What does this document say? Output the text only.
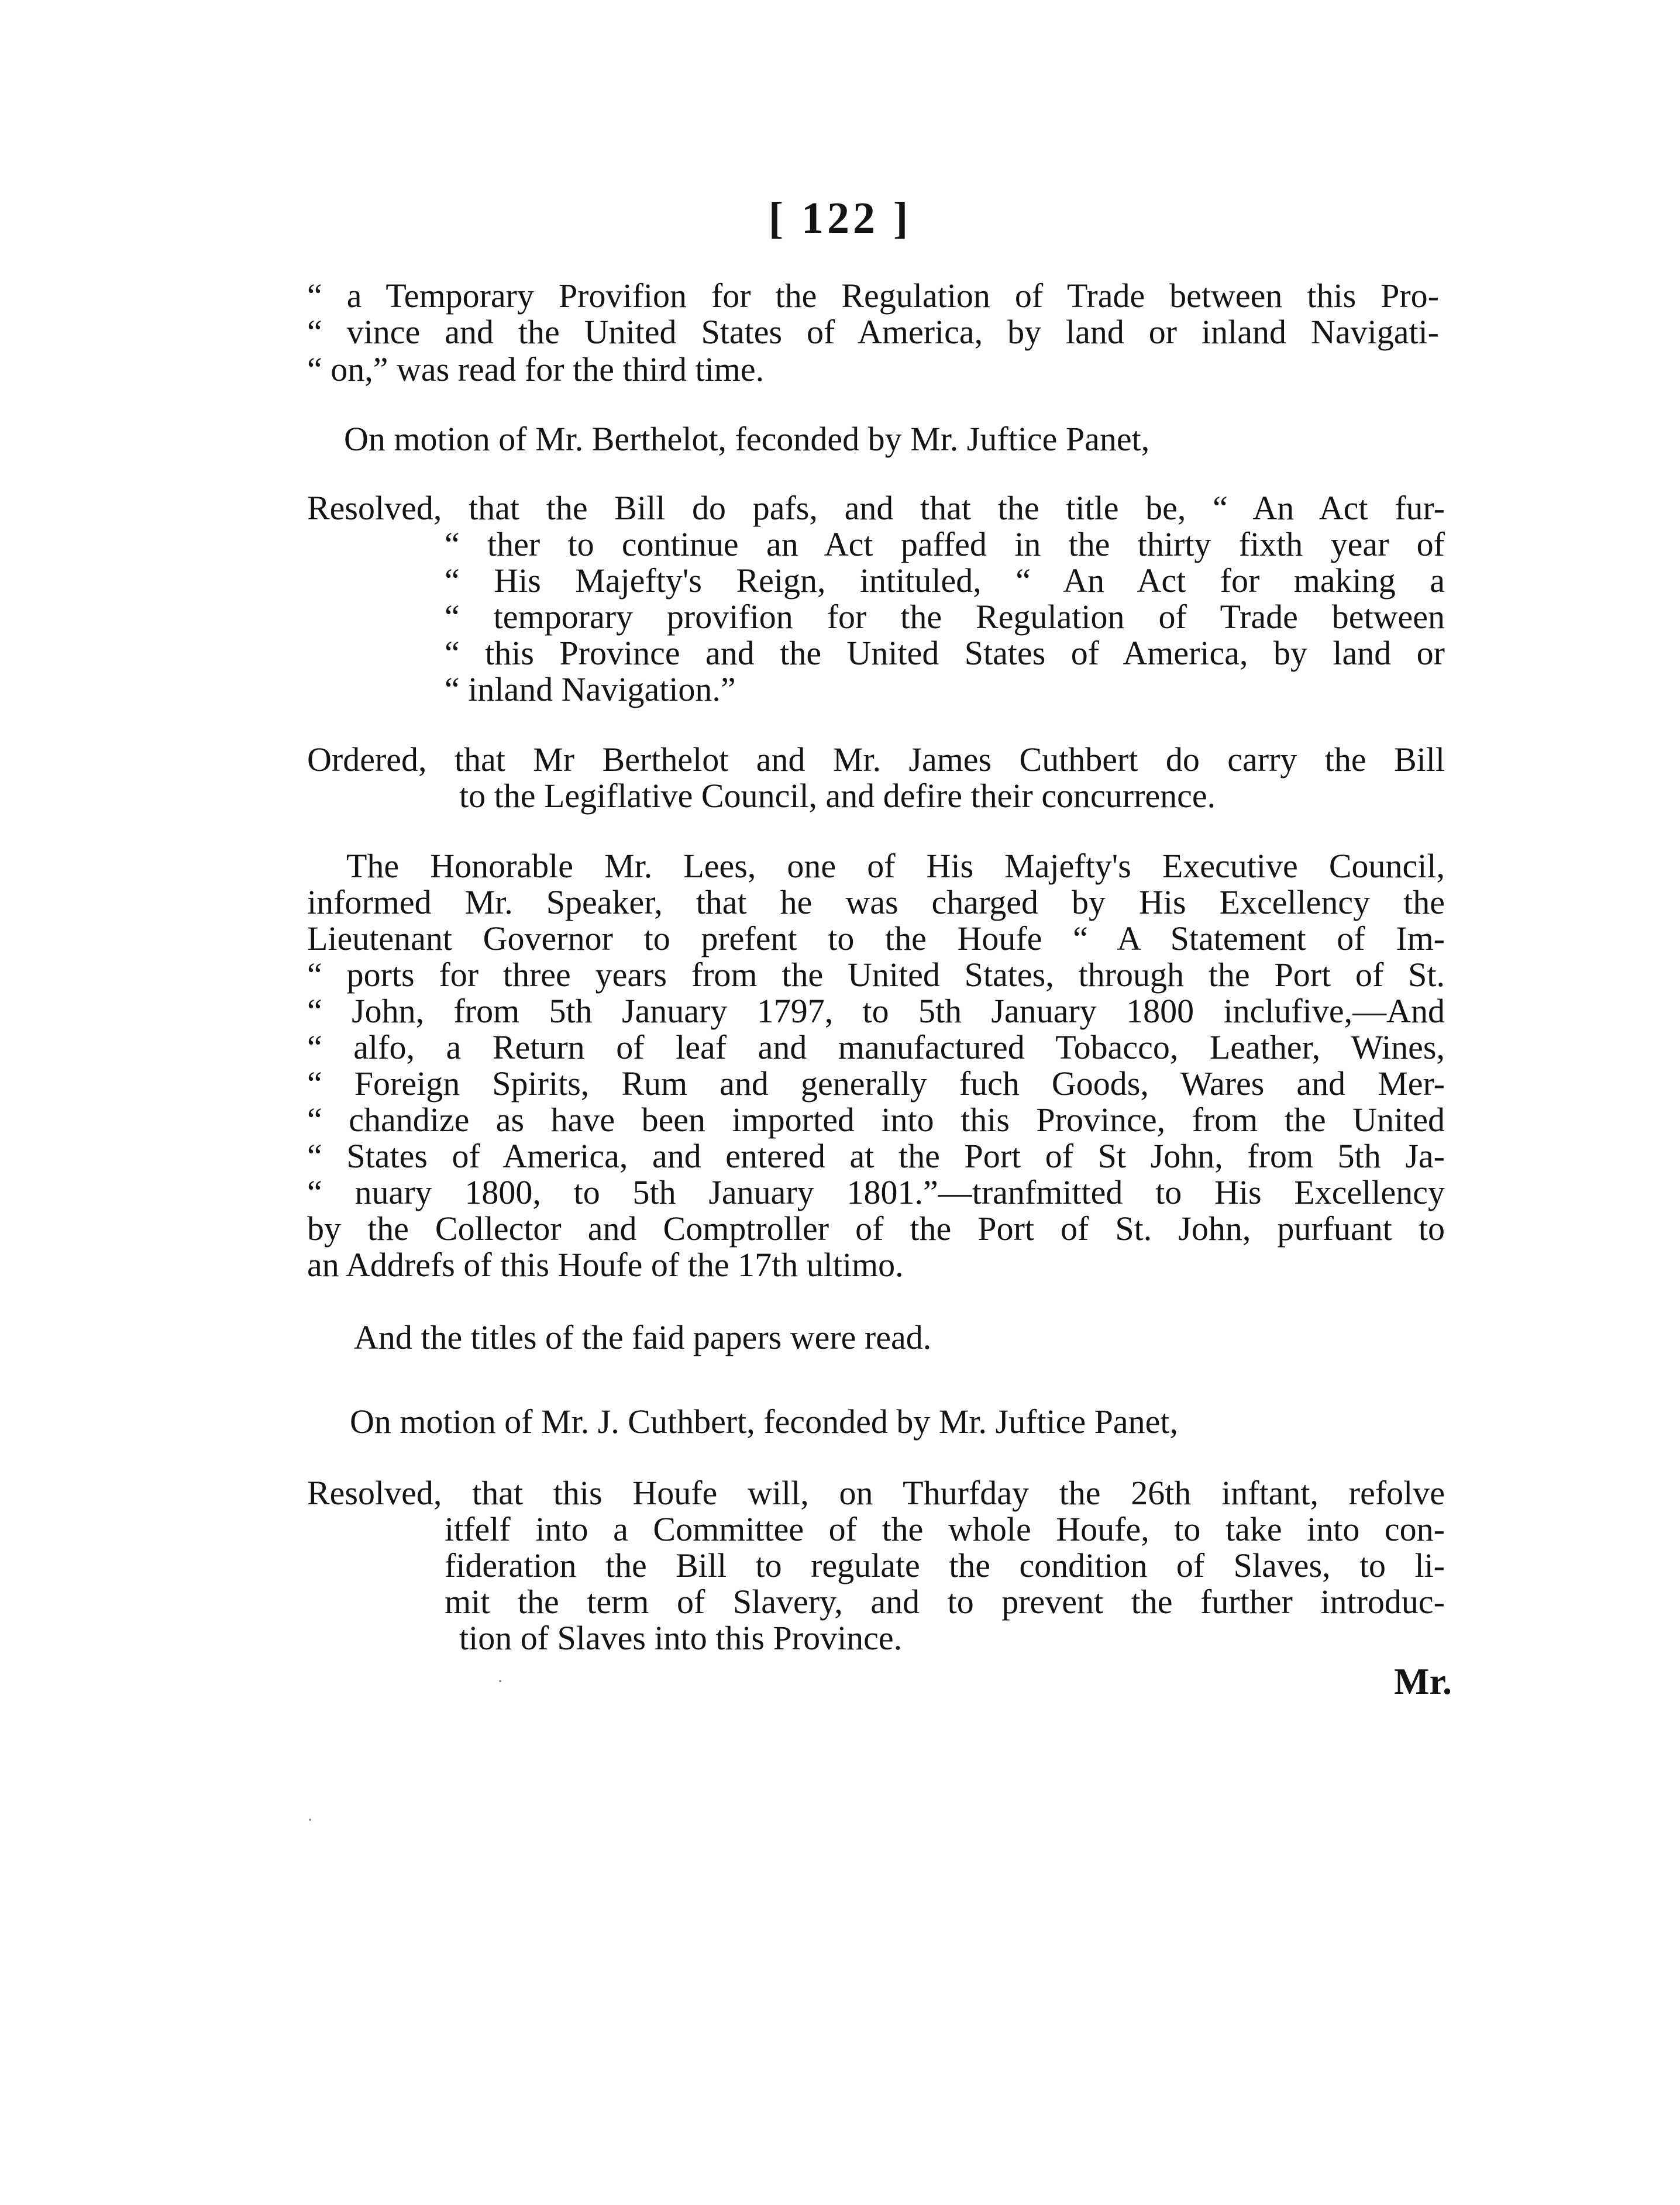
[ 122 ]
“ a Temporary Provifion for the Regulation of Trade between this Pro-
“ vince and the United States of America, by land or inland Navigati-
“ on,” was read for the third time.
On motion of Mr. Berthelot, feconded by Mr. Juftice Panet,
Resolved, that the Bill do pafs, and that the title be, “ An Act fur-
“ ther to continue an Act paffed in the thirty fixth year of
“ His Majefty's Reign, intituled, “ An Act for making a
“ temporary provifion for the Regulation of Trade between
“ this Province and the United States of America, by land or
“ inland Navigation.”
Ordered, that Mr Berthelot and Mr. James Cuthbert do carry the Bill
to the Legiflative Council, and defire their concurrence.
The Honorable Mr. Lees, one of His Majefty's Executive Council,
informed Mr. Speaker, that he was charged by His Excellency the
Lieutenant Governor to prefent to the Houfe “ A Statement of Im-
“ ports for three years from the United States, through the Port of St.
“ John, from 5th January 1797, to 5th January 1800 inclufive,—And
“ alfo, a Return of leaf and manufactured Tobacco, Leather, Wines,
“ Foreign Spirits, Rum and generally fuch Goods, Wares and Mer-
“ chandize as have been imported into this Province, from the United
“ States of America, and entered at the Port of St John, from 5th Ja-
“ nuary 1800, to 5th January 1801.”—tranfmitted to His Excellency
by the Collector and Comptroller of the Port of St. John, purfuant to
an Addrefs of this Houfe of the 17th ultimo.
And the titles of the faid papers were read.
On motion of Mr. J. Cuthbert, feconded by Mr. Juftice Panet,
Resolved, that this Houfe will, on Thurfday the 26th inftant, refolve
itfelf into a Committee of the whole Houfe, to take into con-
fideration the Bill to regulate the condition of Slaves, to li-
mit the term of Slavery, and to prevent the further introduc-
tion of Slaves into this Province.
Mr.
·
·
